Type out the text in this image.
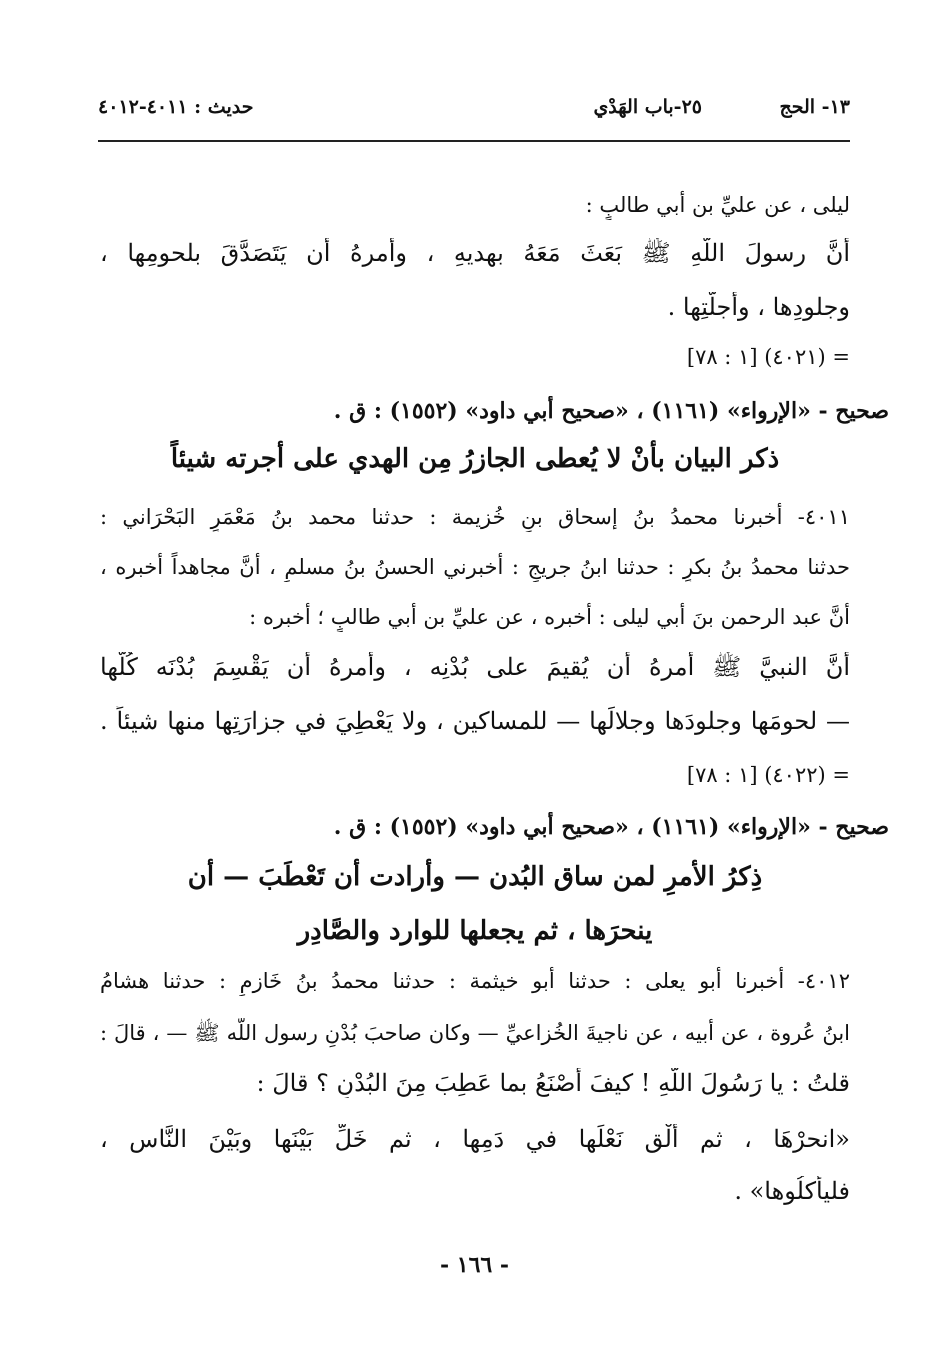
١٣- الحج
٢٥-باب الهَدْي
حديث : ٤٠١١-٤٠١٢
ليلى ، عن عليِّ بن أبي طالبٍ :
أنَّ رسولَ اللَّهِ ﷺ بَعَثَ مَعَهُ بهديهِ ، وأمرهُ أن يَتَصَدَّقَ بلحومِها ،
وجلودِها ، وأجلَّتِها .
= (٤٠٢١) [١ : ٧٨]
صحيح - «الإرواء» (١١٦١) ، «صحيح أبي داود» (١٥٥٢) : ق .
ذكر البيان بأنْ لا يُعطى الجازرُ مِن الهدي على أجرته شيئاً
٤٠١١- أخبرنا محمدُ بنُ إسحاق بنِ خُزيمة : حدثنا محمد بنُ مَعْمَرٍ البَحْرَاني :
حدثنا محمدُ بنُ بكرٍ : حدثنا ابنُ جريجٍ : أخبرني الحسنُ بنُ مسلمٍ ، أنَّ مجاهداً أخبره ،
أنَّ عبد الرحمن بنَ أبي ليلى : أخبره ، عن عليِّ بن أبي طالبٍ ؛ أخبره :
أنَّ النبيَّ ﷺ أمرهُ أن يُقيمَ على بُدْنِه ، وأمرهُ أن يَقْسِمَ بُدْنَه كُلَّها
— لحومَها وجلودَها وجلالَها — للمساكين ، ولا يَعْطِيَ في جزارَتِها منها شيئاً .
= (٤٠٢٢) [١ : ٧٨]
صحيح - «الإرواء» (١١٦١) ، «صحيح أبي داود» (١٥٥٢) : ق .
ذِكرُ الأمرِ لمن ساق البُدن — وأرادت أن تَعْطَبَ — أن
ينحرَها ، ثم يجعلها للوارد والصَّادِر
٤٠١٢- أخبرنا أبو يعلى : حدثنا أبو خيثمة : حدثنا محمدُ بنُ خَازمٍ : حدثنا هشامُ
ابنُ عُروة ، عن أبيه ، عن ناجيةَ الخُزاعيِّ — وكان صاحبَ بُدْنِ رسول اللَّه ﷺ — ، قالَ :
قلتُ : يا رَسُولَ اللَّهِ ! كيفَ أَصْنَعُ بما عَطِبَ مِنَ البُدْنِ ؟ قالَ :
«انحرْهَا ، ثم أَلْقِ نَعْلَها في دَمِها ، ثم خَلِّ بَيْنَها وبَيْنَ النَّاسِ ،
فليأكلُوها» .
- ١٦٦ -
